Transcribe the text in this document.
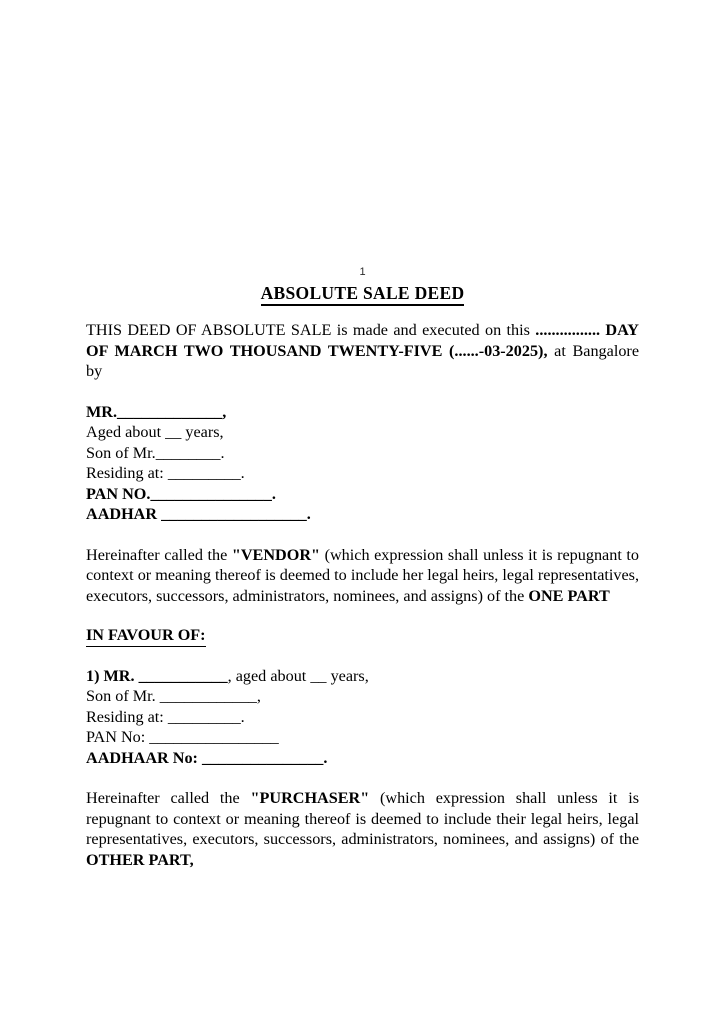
1
ABSOLUTE SALE DEED

THIS DEED OF ABSOLUTE SALE is made and executed on this ................ DAY OF MARCH TWO THOUSAND TWENTY-FIVE (......-03-2025), at Bangalore by

MR._____________,
Aged about __ years,
Son of Mr.________.
Residing at: _________.
PAN NO._______________.
AADHAR __________________.

Hereinafter called the "VENDOR" (which expression shall unless it is repugnant to context or meaning thereof is deemed to include her legal heirs, legal representatives, executors, successors, administrators, nominees, and assigns) of the ONE PART

IN FAVOUR OF:
1) MR. ___________, aged about __ years,
Son of Mr. ____________,
Residing at: _________.
PAN No: ________________
AADHAAR No: _______________.

Hereinafter called the "PURCHASER" (which expression shall unless it is repugnant to context or meaning thereof is deemed to include their legal heirs, legal representatives, executors, successors, administrators, nominees, and assigns) of the OTHER PART,
